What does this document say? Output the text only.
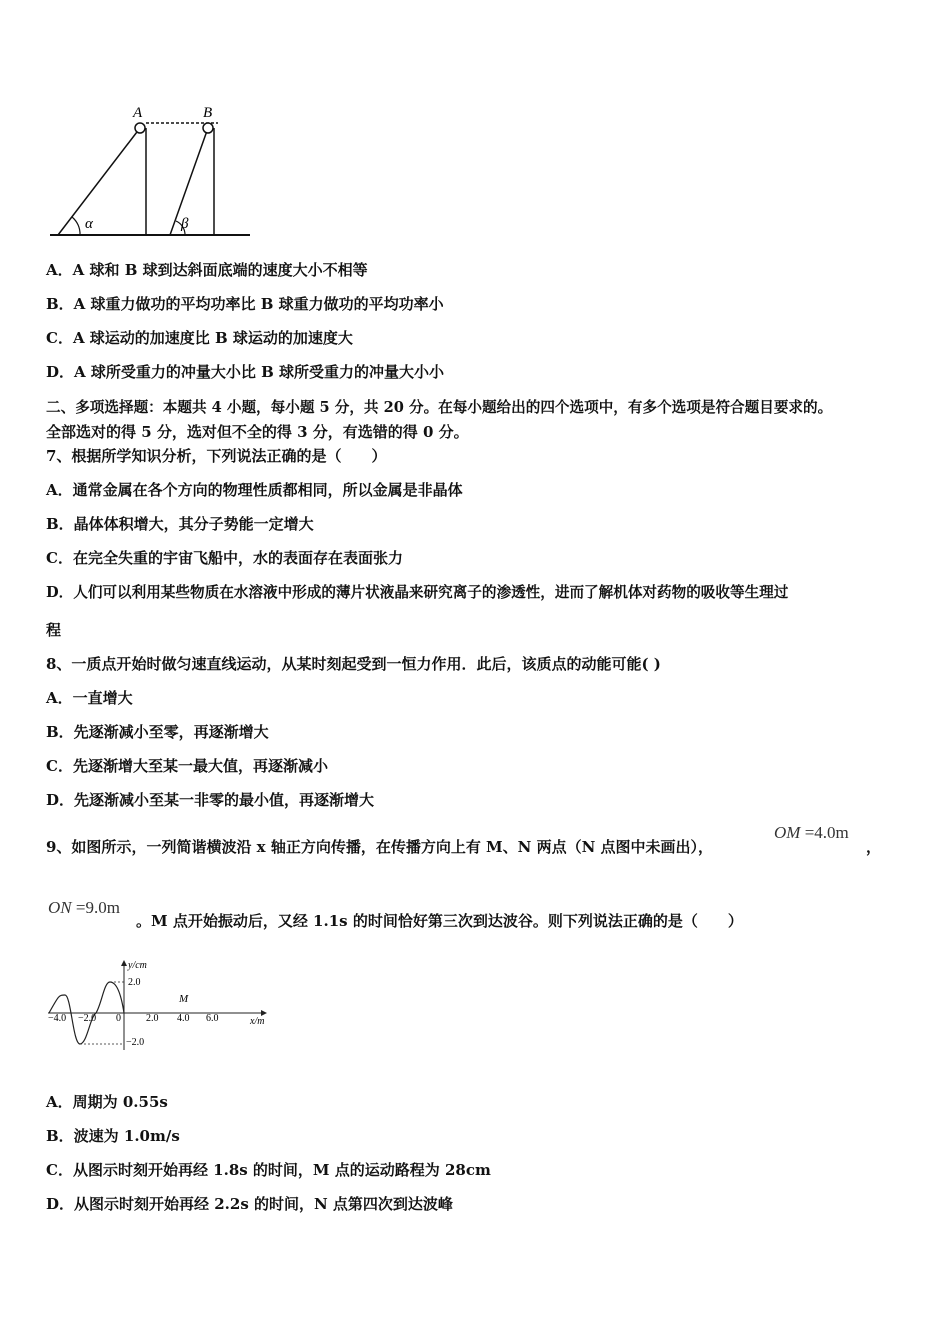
A	B
α	β
A．A 球和 B 球到达斜面底端的速度大小不相等
B．A 球重力做功的平均功率比 B 球重力做功的平均功率小
C．A 球运动的加速度比 B 球运动的加速度大
D．A 球所受重力的冲量大小比 B 球所受重力的冲量大小小
二、多项选择题：本题共 4 小题，每小题 5 分，共 20 分。在每小题给出的四个选项中，有多个选项是符合题目要求的。
全部选对的得 5 分，选对但不全的得 3 分，有选错的得 0 分。
7、根据所学知识分析，下列说法正确的是（　　）
A．通常金属在各个方向的物理性质都相同，所以金属是非晶体
B．晶体体积增大，其分子势能一定增大
C．在完全失重的宇宙飞船中，水的表面存在表面张力
D．人们可以利用某些物质在水溶液中形成的薄片状液晶来研究离子的渗透性，进而了解机体对药物的吸收等生理过
程
8、一质点开始时做匀速直线运动，从某时刻起受到一恒力作用．此后，该质点的动能可能( )
A．一直增大
B．先逐渐减小至零，再逐渐增大
C．先逐渐增大至某一最大值，再逐渐减小
D．先逐渐减小至某一非零的最小值，再逐渐增大
9、如图所示，一列简谐横波沿 x 轴正方向传播，在传播方向上有 M、N 两点（N 点图中未画出），
OM =4.0m
，
ON =9.0m
。M 点开始振动后，又经 1.1s 的时间恰好第三次到达波谷。则下列说法正确的是（　　）
y/cm
x/m
2.0
−2.0
−4.0 −2.0 0	2.0 4.0 6.0
M
A．周期为 0.55s
B．波速为 1.0m/s
C．从图示时刻开始再经 1.8s 的时间，M 点的运动路程为 28cm
D．从图示时刻开始再经 2.2s 的时间，N 点第四次到达波峰
